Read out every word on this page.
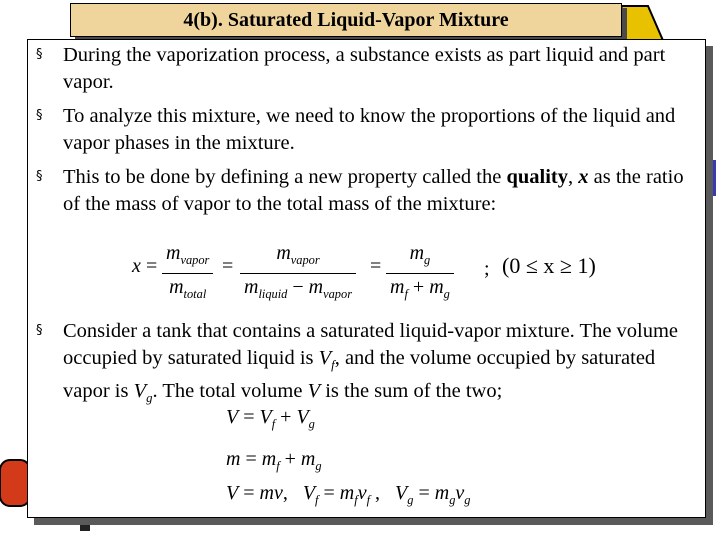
4(b). Saturated Liquid-Vapor Mixture
§ During the vaporization process, a substance exists as part liquid and part vapor.
§ To analyze this mixture, we need to know the proportions of the liquid and vapor phases in the mixture.
§ This to be done by defining a new property called the quality, x as the ratio of the mass of vapor to the total mass of the mixture:
x =
$m_{vapor}$
$m_{total}$
=
$m_{vapor}$
$m_{liquid} - m_{vapor}$
= $\frac{m_g}{m_f + m_g}$ ; (0 ≤ x ≥ 1)
§ Consider a tank that contains a saturated liquid-vapor mixture. The volume occupied by saturated liquid is $V_f$, and the volume occupied by saturated vapor is $V_g$. The total volume V is the sum of the two;
$V = V_f + V_g$
$m = m_f + m_g$
V = mv,   $V_f = m_fv_f$ ,   $V_g = m_gv_g$
